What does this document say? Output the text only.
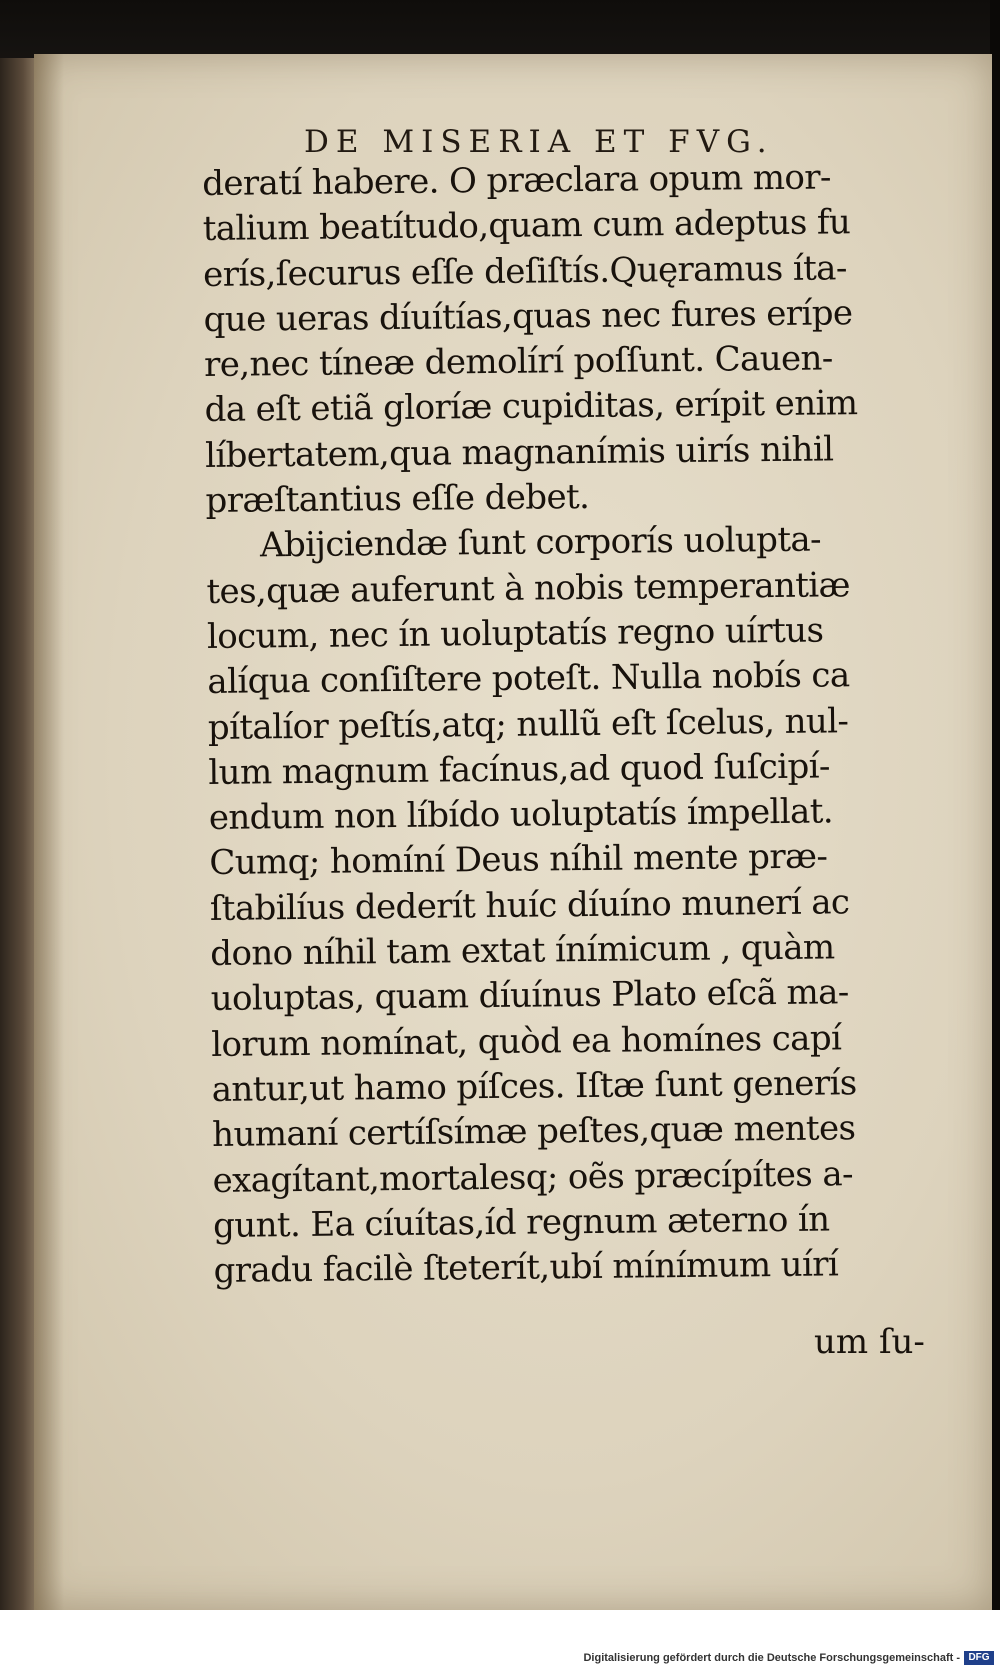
DE MISERIA ET FVG.
deratí habere. O præclara opum mor-
talium beatítudo,quam cum adeptus fu
erís,ſecurus eſſe deſiſtís.Quęramus íta-
que ueras díuítías,quas nec fures erípe
re,nec tíneæ demolírí poſſunt. Cauen-
da eſt etiã gloríæ cupiditas, erípit enim
líbertatem,qua magnanímis uirís nihil
præſtantius eſſe debet.
Abijciendæ ſunt corporís uolupta-
tes,quæ auferunt à nobis temperantiæ
locum, nec ín uoluptatís regno uírtus
alíqua conſiſtere poteſt. Nulla nobís ca
pítalíor peſtís,atq; nullũ eſt ſcelus, nul-
lum magnum facínus,ad quod ſuſcipí-
endum non líbído uoluptatís ímpellat.
Cumq; homíní Deus níhil mente præ-
ſtabilíus dederít huíc díuíno munerí ac
dono níhil tam extat ínímicum , quàm
uoluptas, quam díuínus Plato eſcã ma-
lorum nomínat, quòd ea homínes capí
antur,ut hamo píſces. Iſtæ ſunt generís
humaní certíſsímæ peſtes,quæ mentes
exagítant,mortalesq; oẽs præcípítes a-
gunt. Ea cíuítas,íd regnum æterno ín
gradu facilè ſteterít,ubí mínímum uírí

um ſu-

Digitalisierung gefördert durch die Deutsche Forschungsgemeinschaft - DFG
